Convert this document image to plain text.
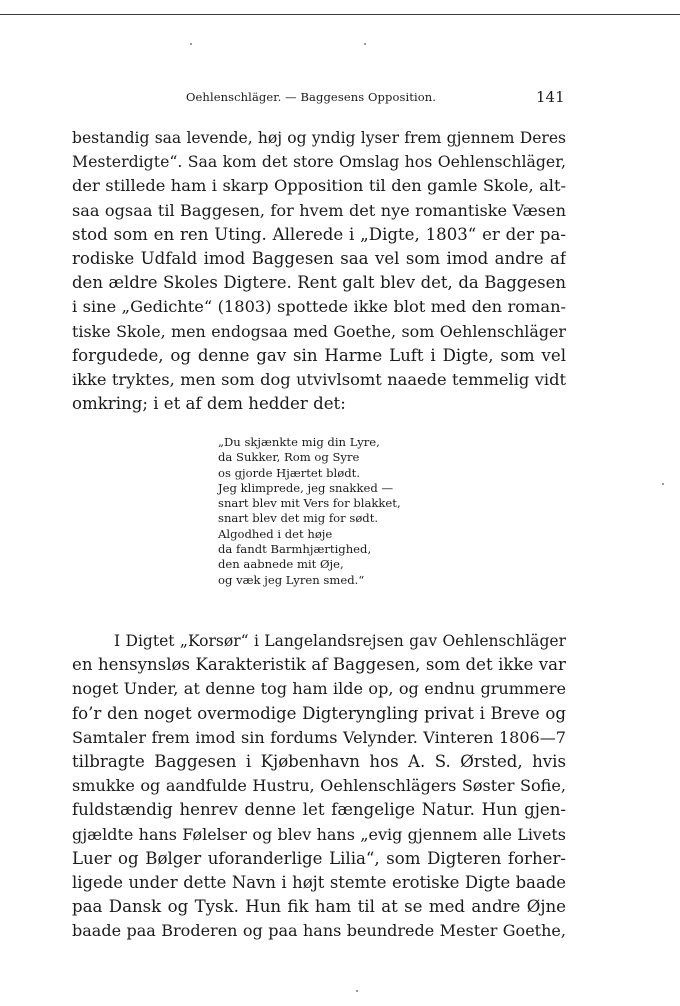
Oehlenschläger. — Baggesens Opposition.	141
bestandig saa levende, høj og yndig lyser frem gjennem Deres
Mesterdigte“. Saa kom det store Omslag hos Oehlenschläger,
der stillede ham i skarp Opposition til den gamle Skole, alt-
saa ogsaa til Baggesen, for hvem det nye romantiske Væsen
stod som en ren Uting. Allerede i „Digte, 1803“ er der pa-
rodiske Udfald imod Baggesen saa vel som imod andre af
den ældre Skoles Digtere. Rent galt blev det, da Baggesen
i sine „Gedichte“ (1803) spottede ikke blot med den roman-
tiske Skole, men endogsaa med Goethe, som Oehlenschläger
forgudede, og denne gav sin Harme Luft i Digte, som vel
ikke tryktes, men som dog utvivlsomt naaede temmelig vidt
omkring; i et af dem hedder det:
„Du skjænkte mig din Lyre,
da Sukker, Rom og Syre
os gjorde Hjærtet blødt.
Jeg klimprede, jeg snakked —
snart blev mit Vers for blakket,
snart blev det mig for sødt.
Algodhed i det høje
da fandt Barmhjærtighed,
den aabnede mit Øje,
og væk jeg Lyren smed.“
I Digtet „Korsør“ i Langelandsrejsen gav Oehlenschläger
en hensynsløs Karakteristik af Baggesen, som det ikke var
noget Under, at denne tog ham ilde op, og endnu grummere
fo’r den noget overmodige Digteryngling privat i Breve og
Samtaler frem imod sin fordums Velynder. Vinteren 1806—7
tilbragte Baggesen i Kjøbenhavn hos A. S. Ørsted, hvis
smukke og aandfulde Hustru, Oehlenschlägers Søster Sofie,
fuldstændig henrev denne let fængelige Natur. Hun gjen-
gjældte hans Følelser og blev hans „evig gjennem alle Livets
Luer og Bølger uforanderlige Lilia“, som Digteren forher-
ligede under dette Navn i højt stemte erotiske Digte baade
paa Dansk og Tysk. Hun fik ham til at se med andre Øjne
baade paa Broderen og paa hans beundrede Mester Goethe,
